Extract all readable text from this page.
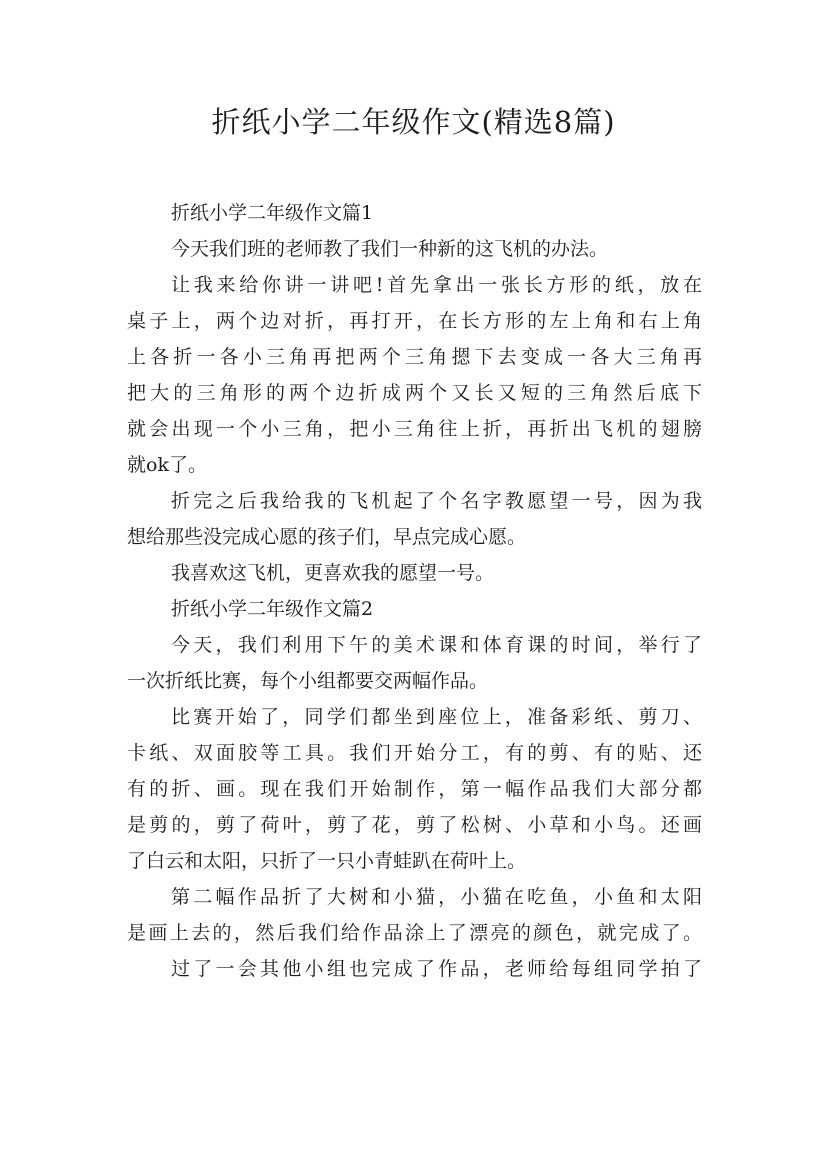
折纸小学二年级作文(精选8篇)
折纸小学二年级作文篇1
今天我们班的老师教了我们一种新的这飞机的办法。
让我来给你讲一讲吧!首先拿出一张长方形的纸，放在
桌子上，两个边对折，再打开，在长方形的左上角和右上角
上各折一各小三角再把两个三角摁下去变成一各大三角再
把大的三角形的两个边折成两个又长又短的三角然后底下
就会出现一个小三角，把小三角往上折，再折出飞机的翅膀
就ok了。
折完之后我给我的飞机起了个名字教愿望一号，因为我
想给那些没完成心愿的孩子们，早点完成心愿。
我喜欢这飞机，更喜欢我的愿望一号。
折纸小学二年级作文篇2
今天，我们利用下午的美术课和体育课的时间，举行了
一次折纸比赛，每个小组都要交两幅作品。
比赛开始了，同学们都坐到座位上，准备彩纸、剪刀、
卡纸、双面胶等工具。我们开始分工，有的剪、有的贴、还
有的折、画。现在我们开始制作，第一幅作品我们大部分都
是剪的，剪了荷叶，剪了花，剪了松树、小草和小鸟。还画
了白云和太阳，只折了一只小青蛙趴在荷叶上。
第二幅作品折了大树和小猫，小猫在吃鱼，小鱼和太阳
是画上去的，然后我们给作品涂上了漂亮的颜色，就完成了。
过了一会其他小组也完成了作品，老师给每组同学拍了
